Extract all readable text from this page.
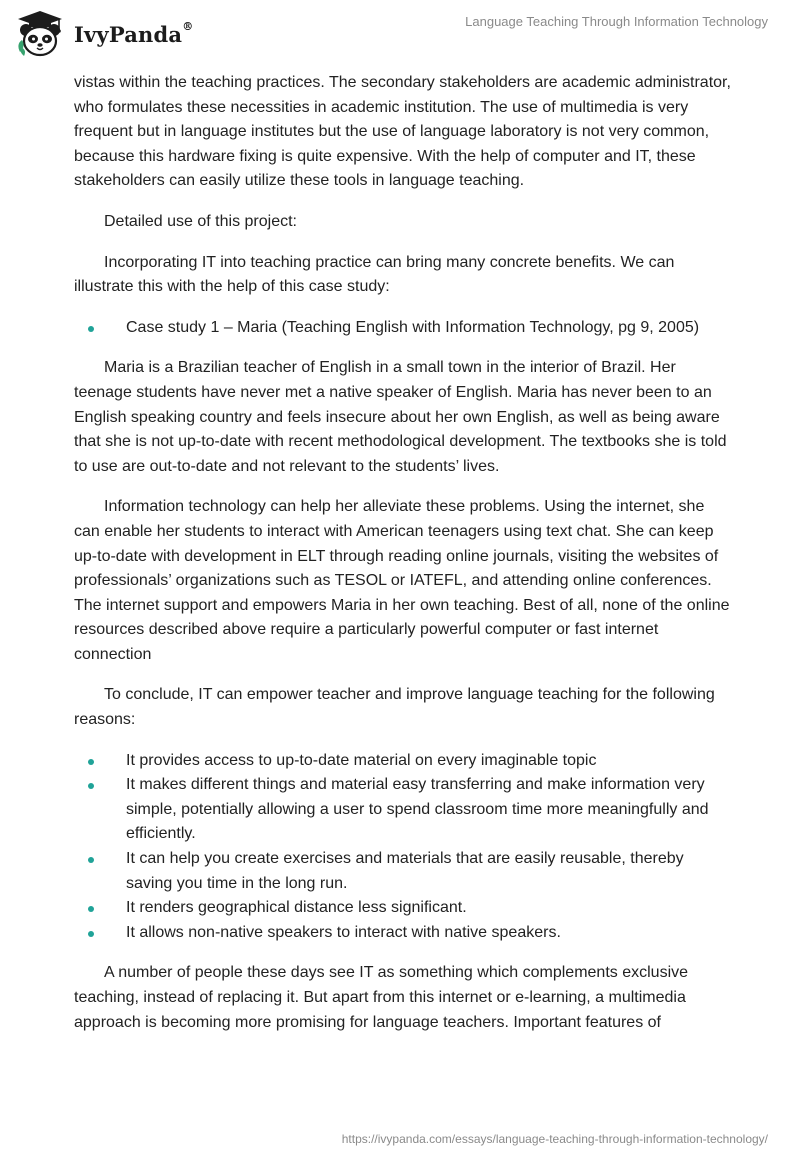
IvyPanda®	Language Teaching Through Information Technology

vistas within the teaching practices. The secondary stakeholders are academic administrator, who formulates these necessities in academic institution. The use of multimedia is very frequent but in language institutes but the use of language laboratory is not very common, because this hardware fixing is quite expensive. With the help of computer and IT, these stakeholders can easily utilize these tools in language teaching.

Detailed use of this project:

Incorporating IT into teaching practice can bring many concrete benefits. We can illustrate this with the help of this case study:

Case study 1 – Maria (Teaching English with Information Technology, pg 9, 2005)

Maria is a Brazilian teacher of English in a small town in the interior of Brazil. Her teenage students have never met a native speaker of English. Maria has never been to an English speaking country and feels insecure about her own English, as well as being aware that she is not up-to-date with recent methodological development. The textbooks she is told to use are out-to-date and not relevant to the students’ lives.

Information technology can help her alleviate these problems. Using the internet, she can enable her students to interact with American teenagers using text chat. She can keep up-to-date with development in ELT through reading online journals, visiting the websites of professionals’ organizations such as TESOL or IATEFL, and attending online conferences. The internet support and empowers Maria in her own teaching. Best of all, none of the online resources described above require a particularly powerful computer or fast internet connection

To conclude, IT can empower teacher and improve language teaching for the following reasons:

It provides access to up-to-date material on every imaginable topic
It makes different things and material easy transferring and make information very simple, potentially allowing a user to spend classroom time more meaningfully and efficiently.
It can help you create exercises and materials that are easily reusable, thereby saving you time in the long run.
It renders geographical distance less significant.
It allows non-native speakers to interact with native speakers.

A number of people these days see IT as something which complements exclusive teaching, instead of replacing it. But apart from this internet or e-learning, a multimedia approach is becoming more promising for language teachers. Important features of

https://ivypanda.com/essays/language-teaching-through-information-technology/
